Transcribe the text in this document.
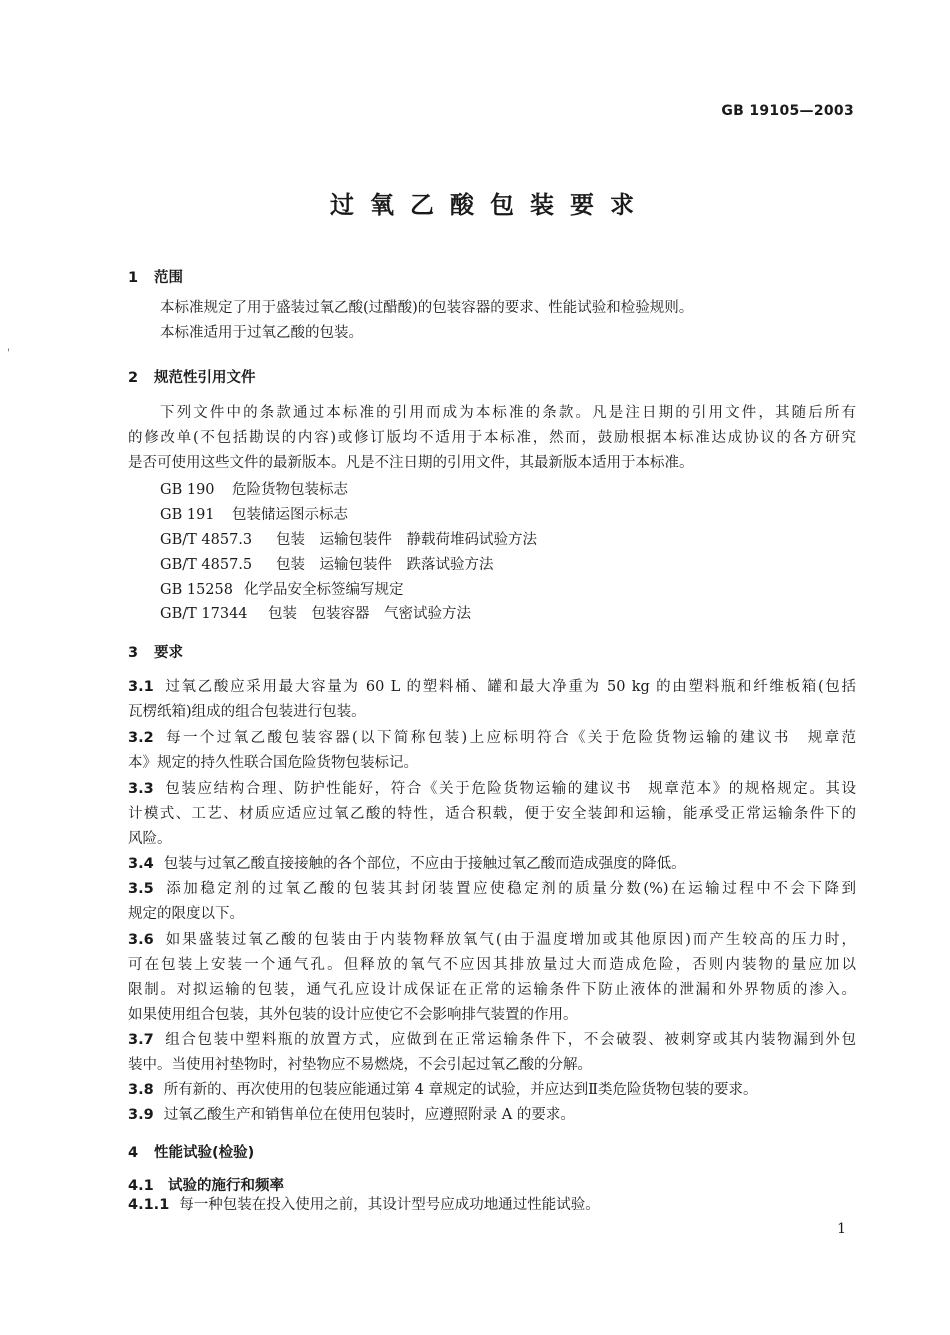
'
GB 19105—2003
过氧乙酸包装要求
1 范围
本标准规定了用于盛装过氧乙酸(过醋酸)的包装容器的要求、性能试验和检验规则。
本标准适用于过氧乙酸的包装。
2 规范性引用文件
下列文件中的条款通过本标准的引用而成为本标准的条款。凡是注日期的引用文件，其随后所有
的修改单(不包括勘误的内容)或修订版均不适用于本标准，然而，鼓励根据本标准达成协议的各方研究
是否可使用这些文件的最新版本。凡是不注日期的引用文件，其最新版本适用于本标准。
GB 190 危险货物包装标志
GB 191 包装储运图示标志
GB/T 4857.3 包装　运输包装件　静载荷堆码试验方法
GB/T 4857.5 包装　运输包装件　跌落试验方法
GB 15258 化学品安全标签编写规定
GB/T 17344 包装　包装容器　气密试验方法
3 要求
3.1 过氧乙酸应采用最大容量为 60 L 的塑料桶、罐和最大净重为 50 kg 的由塑料瓶和纤维板箱(包括
瓦楞纸箱)组成的组合包装进行包装。
3.2 每一个过氧乙酸包装容器(以下简称包装)上应标明符合《关于危险货物运输的建议书　规章范
本》规定的持久性联合国危险货物包装标记。
3.3 包装应结构合理、防护性能好，符合《关于危险货物运输的建议书　规章范本》的规格规定。其设
计模式、工艺、材质应适应过氧乙酸的特性，适合积载，便于安全装卸和运输，能承受正常运输条件下的
风险。
3.4 包装与过氧乙酸直接接触的各个部位，不应由于接触过氧乙酸而造成强度的降低。
3.5 添加稳定剂的过氧乙酸的包装其封闭装置应使稳定剂的质量分数(%)在运输过程中不会下降到
规定的限度以下。
3.6 如果盛装过氧乙酸的包装由于内装物释放氧气(由于温度增加或其他原因)而产生较高的压力时，
可在包装上安装一个通气孔。但释放的氧气不应因其排放量过大而造成危险，否则内装物的量应加以
限制。对拟运输的包装，通气孔应设计成保证在正常的运输条件下防止液体的泄漏和外界物质的渗入。
如果使用组合包装，其外包装的设计应使它不会影响排气装置的作用。
3.7 组合包装中塑料瓶的放置方式，应做到在正常运输条件下，不会破裂、被刺穿或其内装物漏到外包
装中。当使用衬垫物时，衬垫物应不易燃烧，不会引起过氧乙酸的分解。
3.8 所有新的、再次使用的包装应能通过第 4 章规定的试验，并应达到Ⅱ类危险货物包装的要求。
3.9 过氧乙酸生产和销售单位在使用包装时，应遵照附录 A 的要求。
4 性能试验(检验)
4.1 试验的施行和频率
4.1.1 每一种包装在投入使用之前，其设计型号应成功地通过性能试验。
1
